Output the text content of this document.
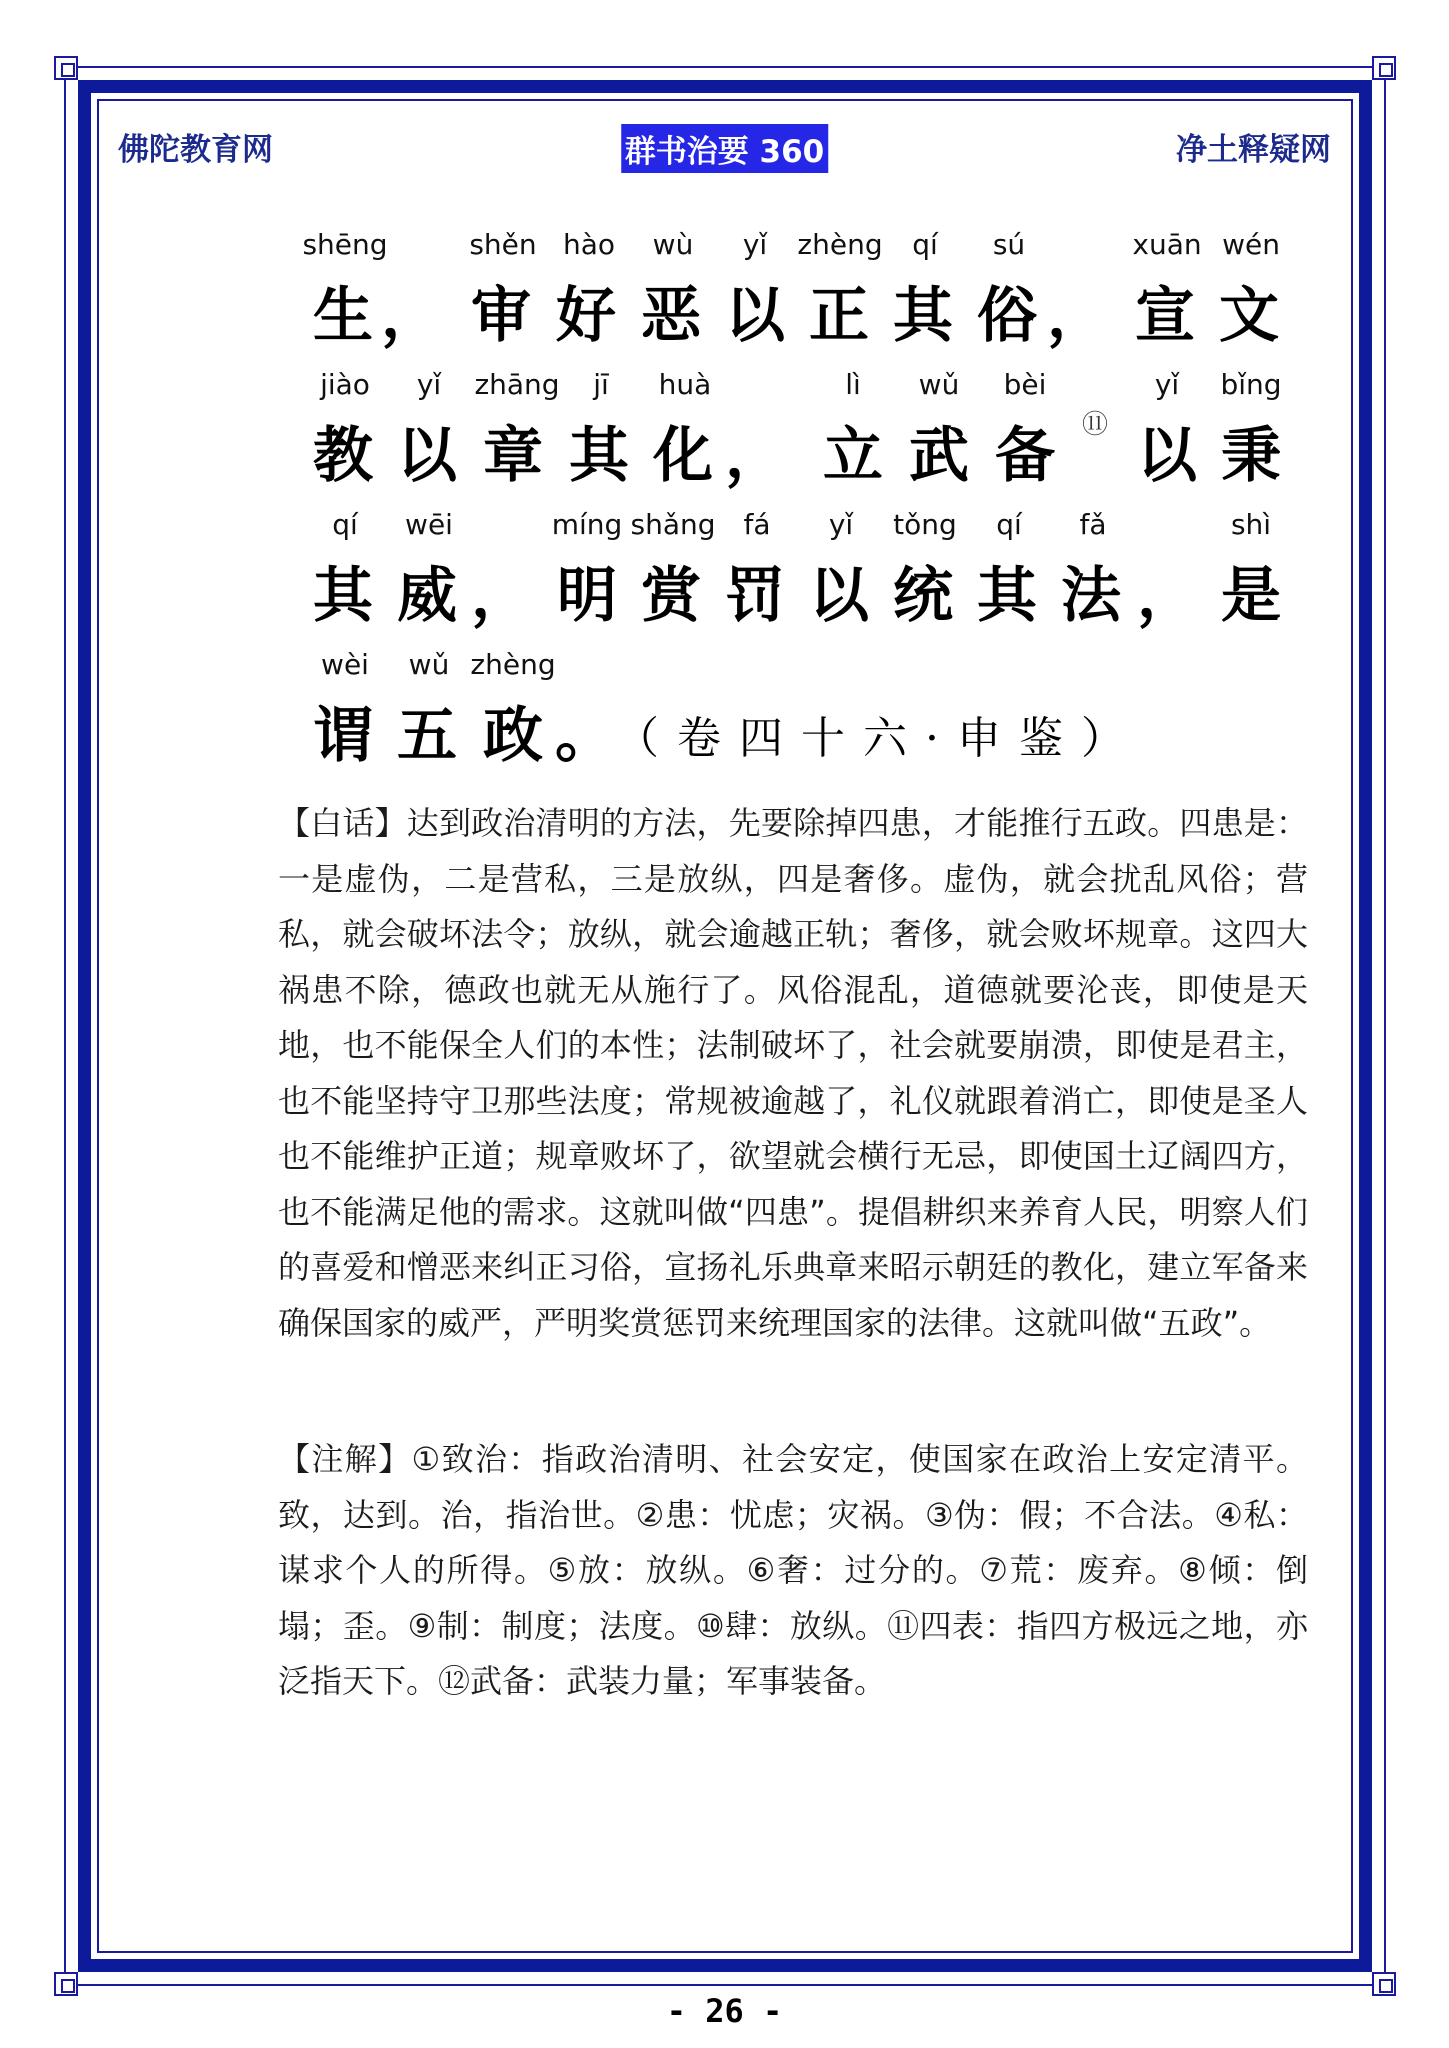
佛陀教育网	群书治要 360	净土释疑网
shēng	shěn hào wù yǐ zhèng qí sú	xuān wén
生 ， 审 好 恶 以 正 其 俗 ， 宣 文
jiào yǐ zhāng jī huà	lì wǔ bèi	yǐ bǐng
教 以 章 其 化 ， 立 武 备 ⑪ 以 秉
qí wēi	míng shǎng fá yǐ tǒng qí fǎ	shì
其 威 ， 明 赏 罚 以 统 其 法 ， 是
wèi wǔ zhèng
谓 五 政 。 （卷四十六·申鉴）
【白话】达到政治清明的方法，先要除掉四患，才能推行五政。四患是：一是虚伪，二是营私，三是放纵，四是奢侈。虚伪，就会扰乱风俗；营私，就会破坏法令；放纵，就会逾越正轨；奢侈，就会败坏规章。这四大祸患不除，德政也就无从施行了。风俗混乱，道德就要沦丧，即使是天地，也不能保全人们的本性；法制破坏了，社会就要崩溃，即使是君主，也不能坚持守卫那些法度；常规被逾越了，礼仪就跟着消亡，即使是圣人也不能维护正道；规章败坏了，欲望就会横行无忌，即使国土辽阔四方，也不能满足他的需求。这就叫做“四患”。提倡耕织来养育人民，明察人们的喜爱和憎恶来纠正习俗，宣扬礼乐典章来昭示朝廷的教化，建立军备来确保国家的威严，严明奖赏惩罚来统理国家的法律。这就叫做“五政”。
【注解】①致治：指政治清明、社会安定，使国家在政治上安定清平。致，达到。治，指治世。②患：忧虑；灾祸。③伪：假；不合法。④私：谋求个人的所得。⑤放：放纵。⑥奢：过分的。⑦荒：废弃。⑧倾：倒塌；歪。⑨制：制度；法度。⑩肆：放纵。⑪四表：指四方极远之地，亦泛指天下。⑫武备：武装力量；军事装备。
- 26 -
